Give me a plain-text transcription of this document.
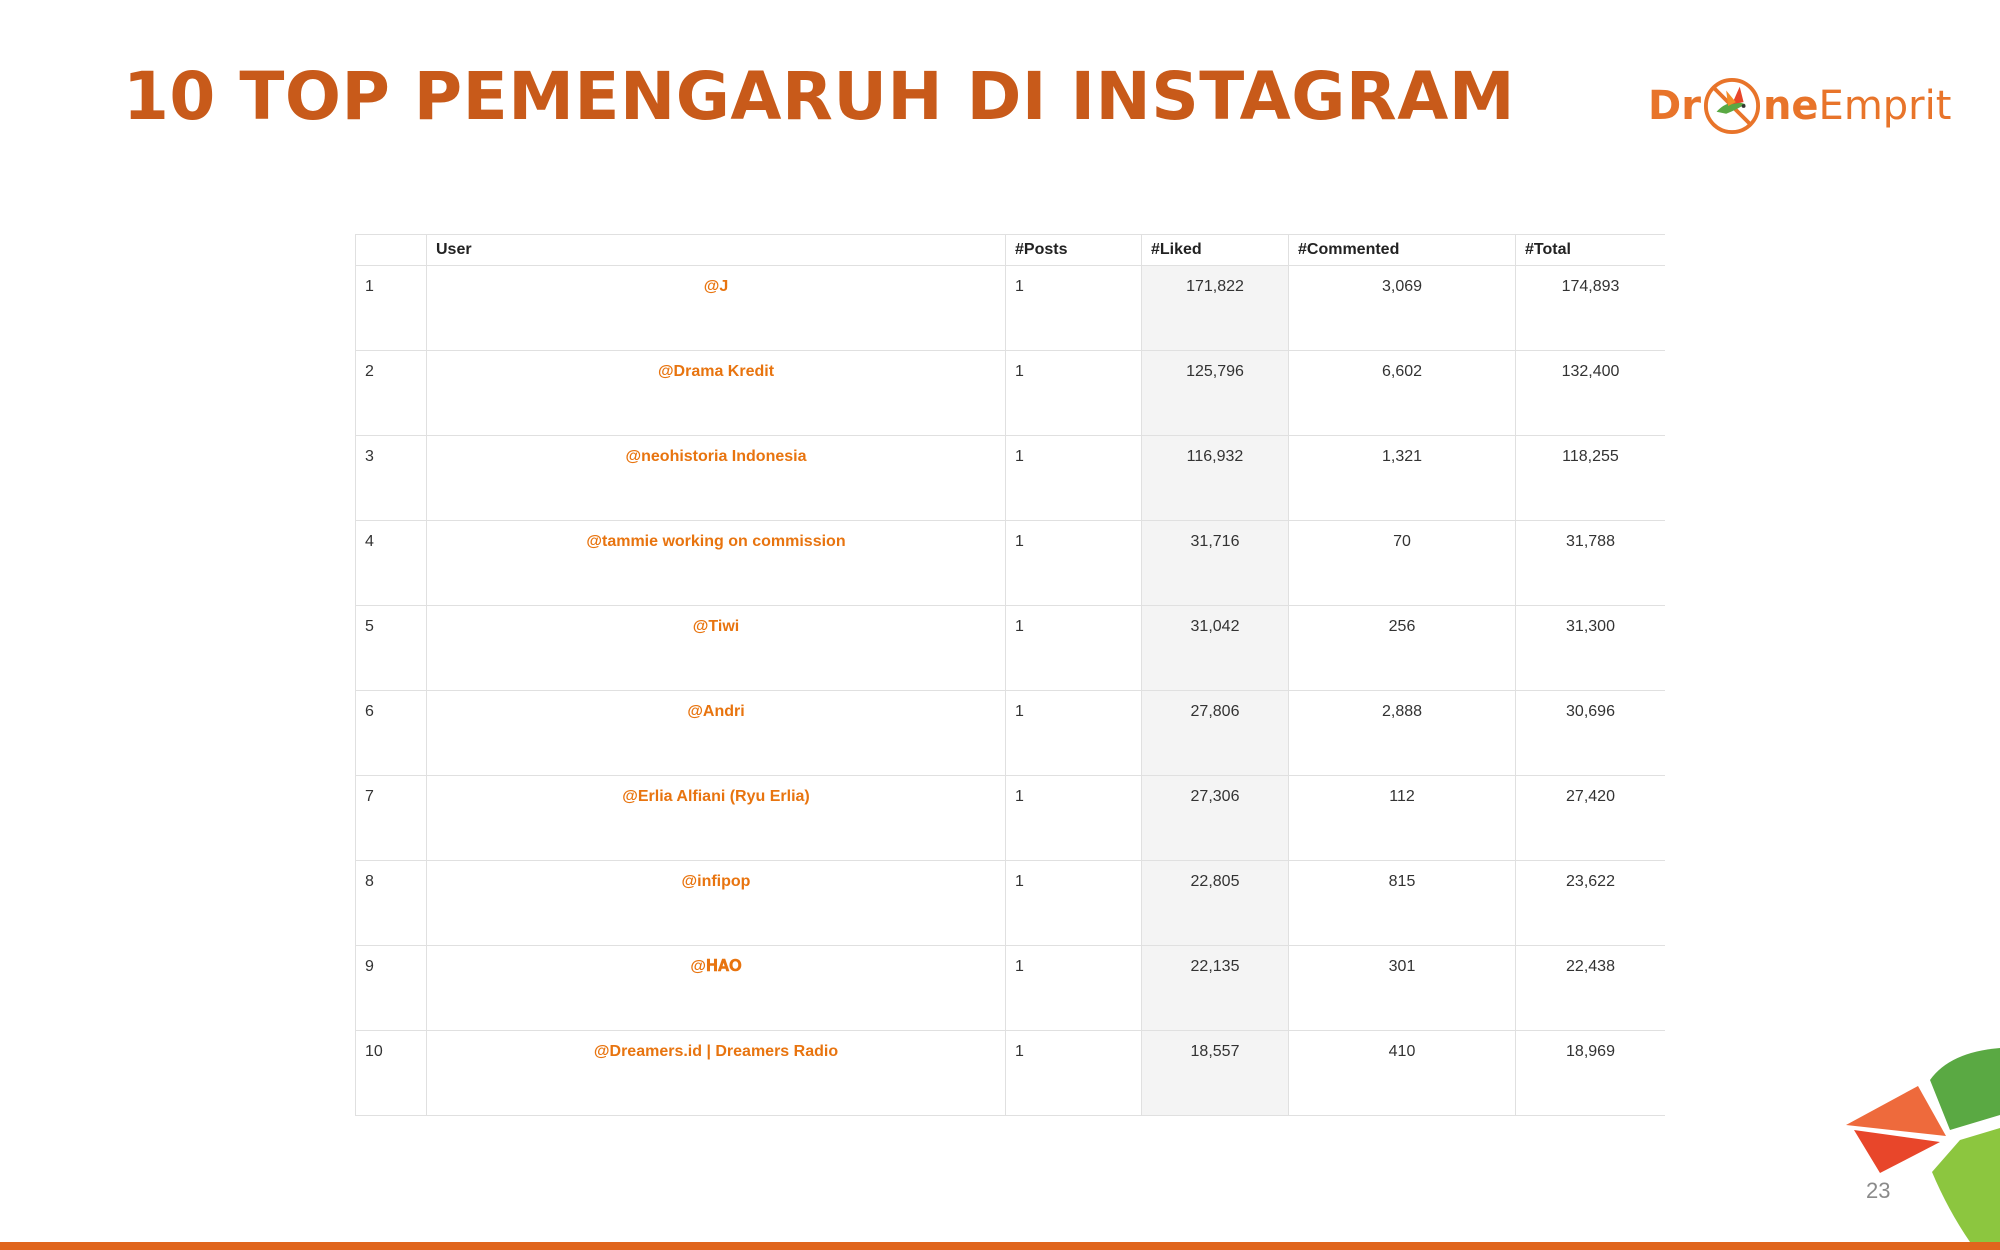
10 TOP PEMENGARUH DI INSTAGRAM	Dr ne Emprit
	User	#Posts	#Liked	#Commented	#Total
1	@J	1	171,822	3,069	174,893
2	@Drama Kredit	1	125,796	6,602	132,400
3	@neohistoria Indonesia	1	116,932	1,321	118,255
4	@tammie working on commission	1	31,716	70	31,788
5	@Tiwi	1	31,042	256	31,300
6	@Andri	1	27,806	2,888	30,696
7	@Erlia Alfiani (Ryu Erlia)	1	27,306	112	27,420
8	@infipop	1	22,805	815	23,622
9	@𝐇𝐀𝐎	1	22,135	301	22,438
10	@Dreamers.id | Dreamers Radio	1	18,557	410	18,969
23
